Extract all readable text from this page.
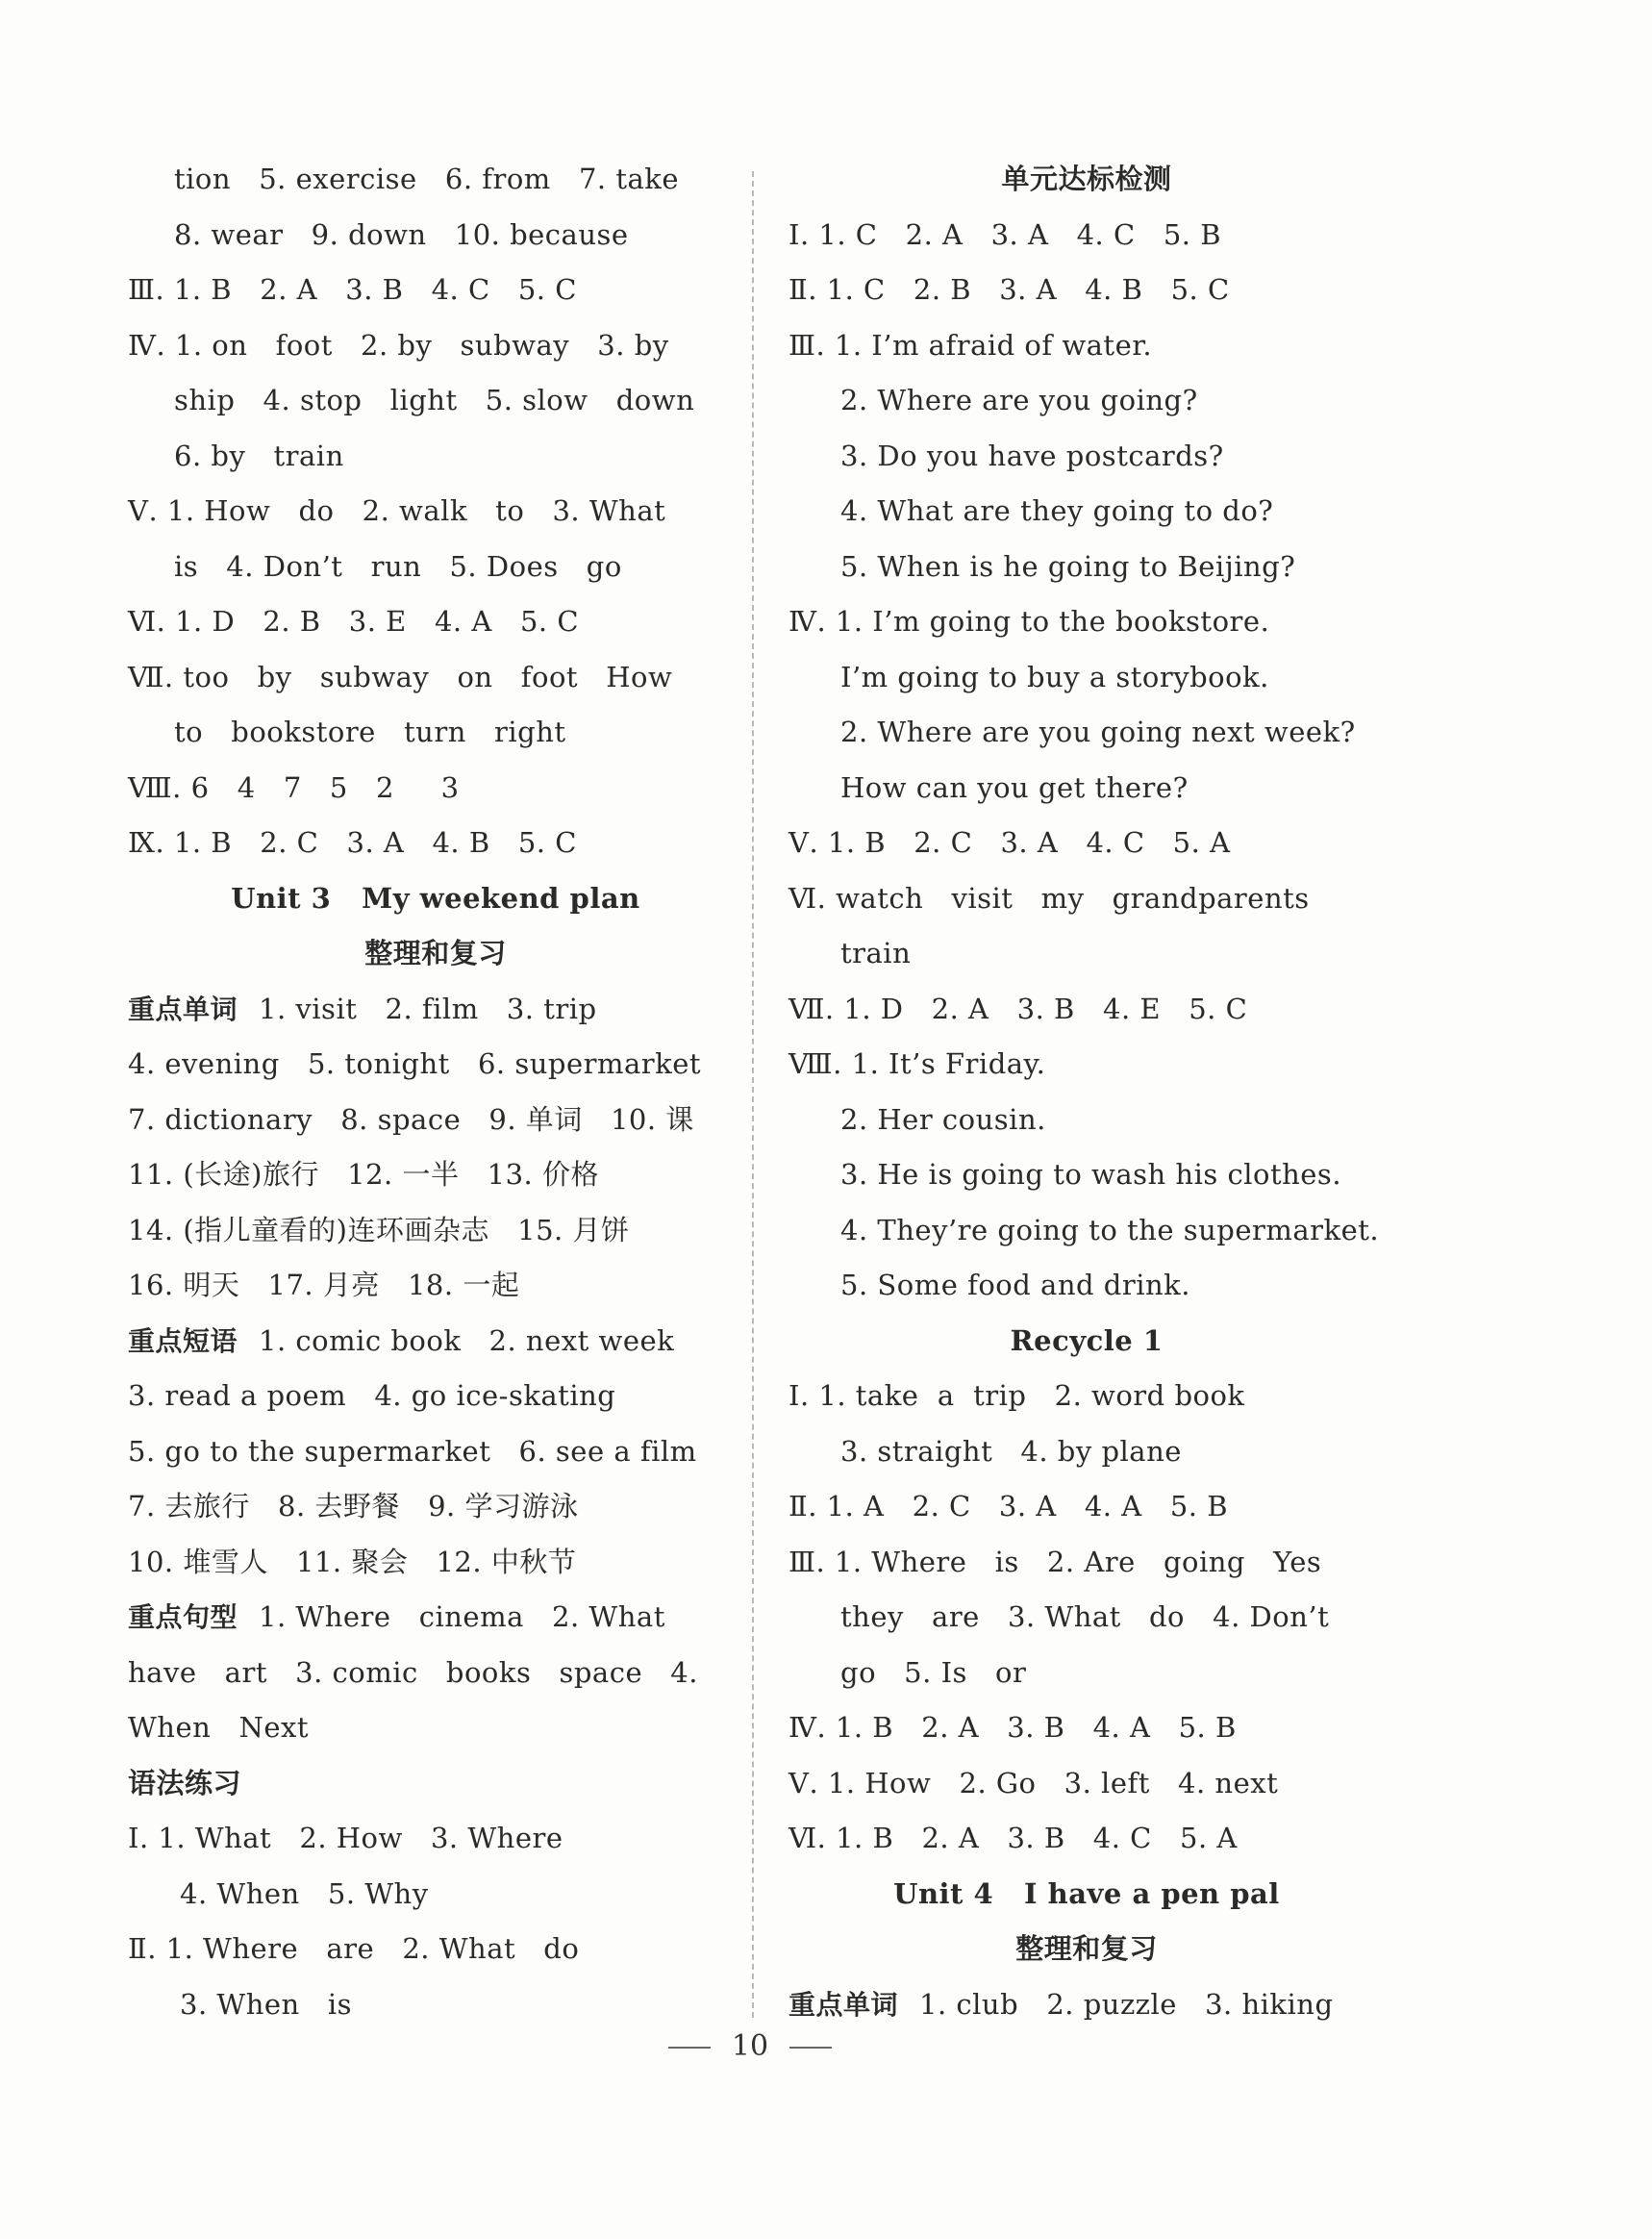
tion   5. exercise   6. from   7. take
8. wear   9. down   10. because
Ⅲ. 1. B   2. A   3. B   4. C   5. C
Ⅳ. 1. on   foot   2. by   subway   3. by
ship   4. stop   light   5. slow   down
6. by   train
Ⅴ. 1. How   do   2. walk   to   3. What
is   4. Don’t   run   5. Does   go
Ⅵ. 1. D   2. B   3. E   4. A   5. C
Ⅶ. too   by   subway   on   foot   How
to   bookstore   turn   right
Ⅷ. 6   4   7   5   2     3
Ⅸ. 1. B   2. C   3. A   4. B   5. C
Unit 3   My weekend plan
整理和复习
重点单词 1. visit   2. film   3. trip
4. evening   5. tonight   6. supermarket
7. dictionary   8. space   9. 单词   10. 课
11. (长途)旅行   12. 一半   13. 价格
14. (指儿童看的)连环画杂志   15. 月饼
16. 明天   17. 月亮   18. 一起
重点短语 1. comic book   2. next week
3. read a poem   4. go ice-skating
5. go to the supermarket   6. see a film
7. 去旅行   8. 去野餐   9. 学习游泳
10. 堆雪人   11. 聚会   12. 中秋节
重点句型 1. Where   cinema   2. What
have   art   3. comic   books   space   4.
When   Next
语法练习
Ⅰ. 1. What   2. How   3. Where
4. When   5. Why
Ⅱ. 1. Where   are   2. What   do
3. When   is
单元达标检测
Ⅰ. 1. C   2. A   3. A   4. C   5. B
Ⅱ. 1. C   2. B   3. A   4. B   5. C
Ⅲ. 1. I’m afraid of water.
2. Where are you going?
3. Do you have postcards?
4. What are they going to do?
5. When is he going to Beijing?
Ⅳ. 1. I’m going to the bookstore.
I’m going to buy a storybook.
2. Where are you going next week?
How can you get there?
Ⅴ. 1. B   2. C   3. A   4. C   5. A
Ⅵ. watch   visit   my   grandparents
train
Ⅶ. 1. D   2. A   3. B   4. E   5. C
Ⅷ. 1. It’s Friday.
2. Her cousin.
3. He is going to wash his clothes.
4. They’re going to the supermarket.
5. Some food and drink.
Recycle 1
Ⅰ. 1. take  a  trip   2. word book
3. straight   4. by plane
Ⅱ. 1. A   2. C   3. A   4. A   5. B
Ⅲ. 1. Where   is   2. Are   going   Yes
they   are   3. What   do   4. Don’t
go   5. Is   or
Ⅳ. 1. B   2. A   3. B   4. A   5. B
Ⅴ. 1. How   2. Go   3. left   4. next
Ⅵ. 1. B   2. A   3. B   4. C   5. A
Unit 4   I have a pen pal
整理和复习
重点单词 1. club   2. puzzle   3. hiking
10
